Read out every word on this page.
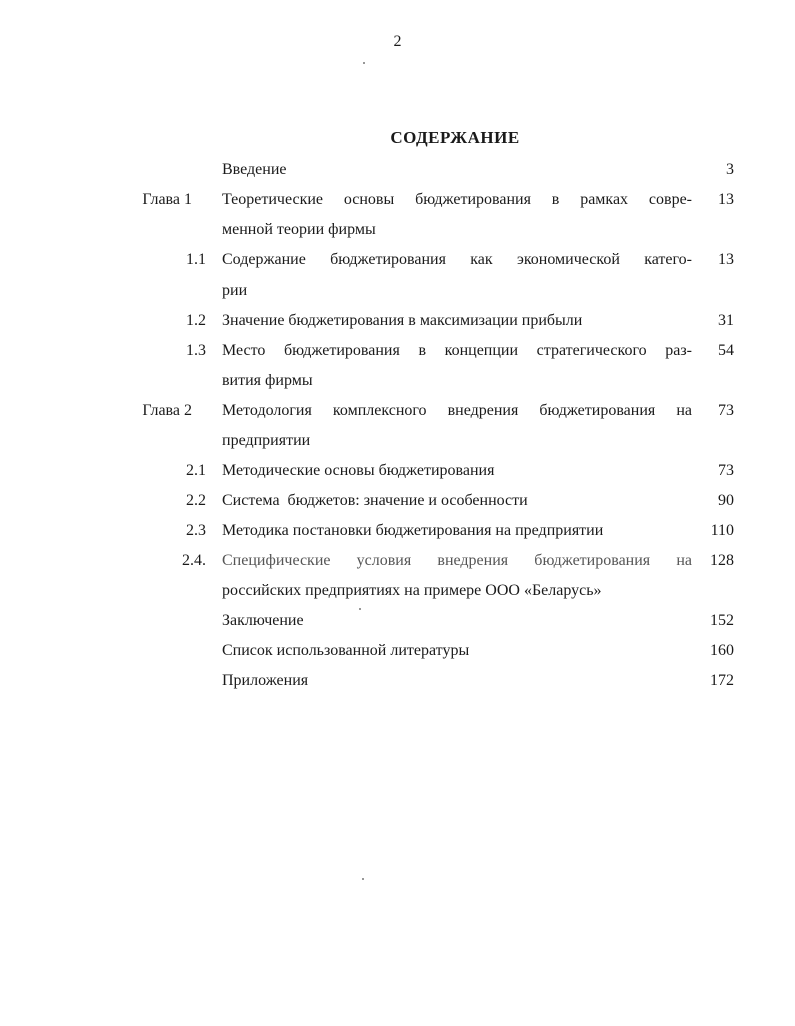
2
СОДЕРЖАНИЕ
Введение	3
Глава 1 Теоретические основы бюджетирования в рамках совре-	13
менной теории фирмы
1.1 Содержание бюджетирования как экономической катего-	13
рии
1.2 Значение бюджетирования в максимизации прибыли	31
1.3 Место бюджетирования в концепции стратегического раз-	54
вития фирмы
Глава 2 Методология комплексного внедрения бюджетирования на	73
предприятии
2.1 Методические основы бюджетирования	73
2.2 Система  бюджетов: значение и особенности	90
2.3 Методика постановки бюджетирования на предприятии	110
2.4. Специфические условия внедрения бюджетирования на	128
российских предприятиях на примере ООО «Беларусь»
Заключение	152
Список использованной литературы	160
Приложения	172
